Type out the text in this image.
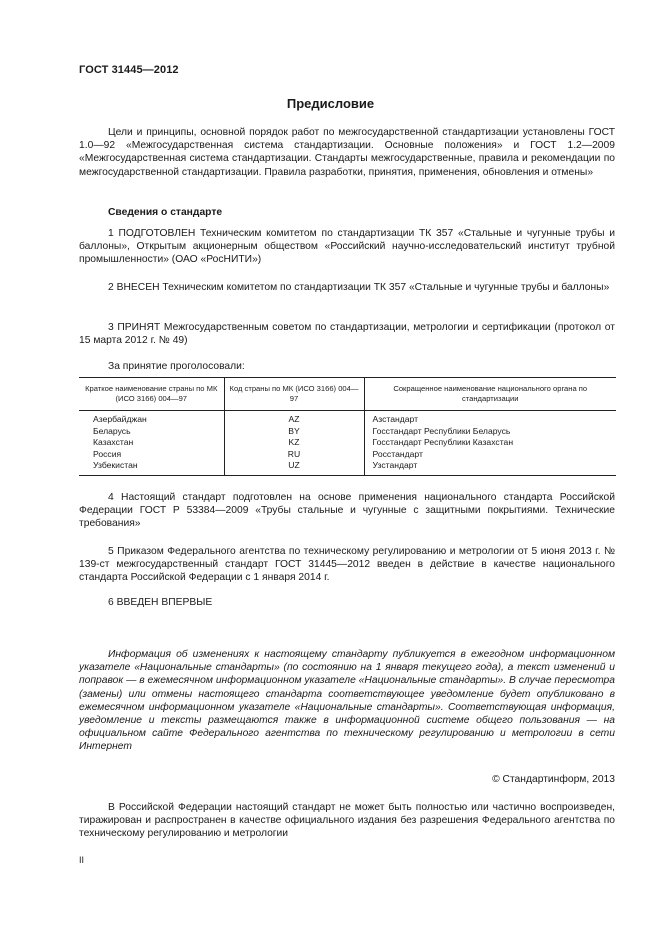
ГОСТ 31445—2012
Предисловие

Цели и принципы, основной порядок работ по межгосударственной стандартизации установлены ГОСТ 1.0—92 «Межгосударственная система стандартизации. Основные положения» и ГОСТ 1.2—2009 «Межгосударственная система стандартизации. Стандарты межгосударственные, правила и рекомендации по межгосударственной стандартизации. Правила разработки, принятия, применения, обновления и отмены»

Сведения о стандарте

1 ПОДГОТОВЛЕН Техническим комитетом по стандартизации ТК 357 «Стальные и чугунные трубы и баллоны», Открытым акционерным обществом «Российский научно-исследовательский институт трубной промышленности» (ОАО «РосНИТИ»)

2 ВНЕСЕН Техническим комитетом по стандартизации ТК 357 «Стальные и чугунные трубы и баллоны»

3 ПРИНЯТ Межгосударственным советом по стандартизации, метрологии и сертификации (протокол от 15 марта 2012 г. № 49)

За принятие проголосовали:
Краткое наименование страны по МК (ИСО 3166) 004—97	Код страны по МК (ИСО 3166) 004—97	Сокращенное наименование национального органа по стандартизации
Азербайджан	AZ	Азстандарт
Беларусь	BY	Госстандарт Республики Беларусь
Казахстан	KZ	Госстандарт Республики Казахстан
Россия	RU	Росстандарт
Узбекистан	UZ	Узстандарт

4 Настоящий стандарт подготовлен на основе применения национального стандарта Российской Федерации ГОСТ Р 53384—2009 «Трубы стальные и чугунные с защитными покрытиями. Технические требования»

5 Приказом Федерального агентства по техническому регулированию и метрологии от 5 июня 2013 г. № 139-ст межгосударственный стандарт ГОСТ 31445—2012 введен в действие в качестве национального стандарта Российской Федерации с 1 января 2014 г.

6 ВВЕДЕН ВПЕРВЫЕ

Информация об изменениях к настоящему стандарту публикуется в ежегодном информационном указателе «Национальные стандарты» (по состоянию на 1 января текущего года), а текст изменений и поправок — в ежемесячном информационном указателе «Национальные стандарты». В случае пересмотра (замены) или отмены настоящего стандарта соответствующее уведомление будет опубликовано в ежемесячном информационном указателе «Национальные стандарты». Соответствующая информация, уведомление и тексты размещаются также в информационной системе общего пользования — на официальном сайте Федерального агентства по техническому регулированию и метрологии в сети Интернет

© Стандартинформ, 2013

В Российской Федерации настоящий стандарт не может быть полностью или частично воспроизведен, тиражирован и распространен в качестве официального издания без разрешения Федерального агентства по техническому регулированию и метрологии

II
